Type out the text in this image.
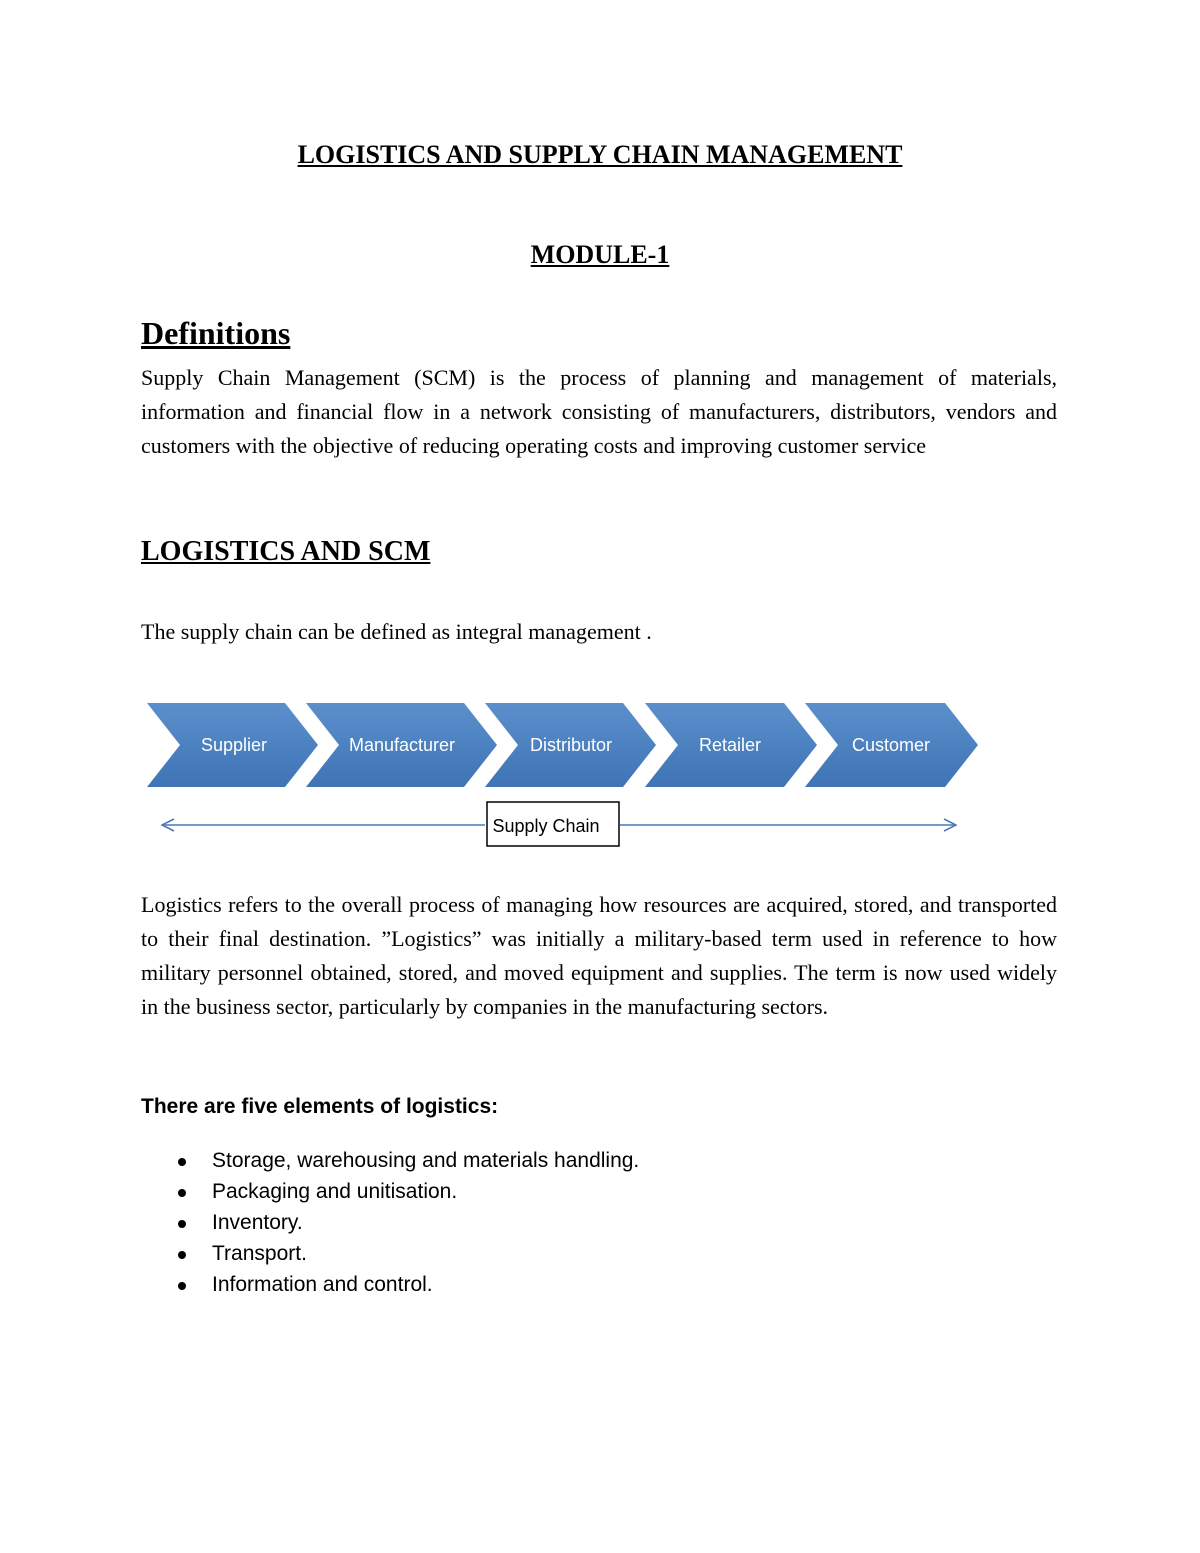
LOGISTICS AND SUPPLY CHAIN MANAGEMENT
MODULE-1
Definitions

Supply Chain Management (SCM) is the process of planning and management of materials, information and financial flow in a network consisting of manufacturers, distributors, vendors and customers with the objective of reducing operating costs and improving customer service

LOGISTICS AND SCM

The supply chain can be defined as integral management .

Supplier	Manufacturer	Distributor	Retailer	Customer
Supply Chain

Logistics refers to the overall process of managing how resources are acquired, stored, and transported to their final destination. ”Logistics” was initially a military-based term used in reference to how military personnel obtained, stored, and moved equipment and supplies. The term is now used widely in the business sector, particularly by companies in the manufacturing sectors.

There are five elements of logistics:
Storage, warehousing and materials handling.
Packaging and unitisation.
Inventory.
Transport.
Information and control.
